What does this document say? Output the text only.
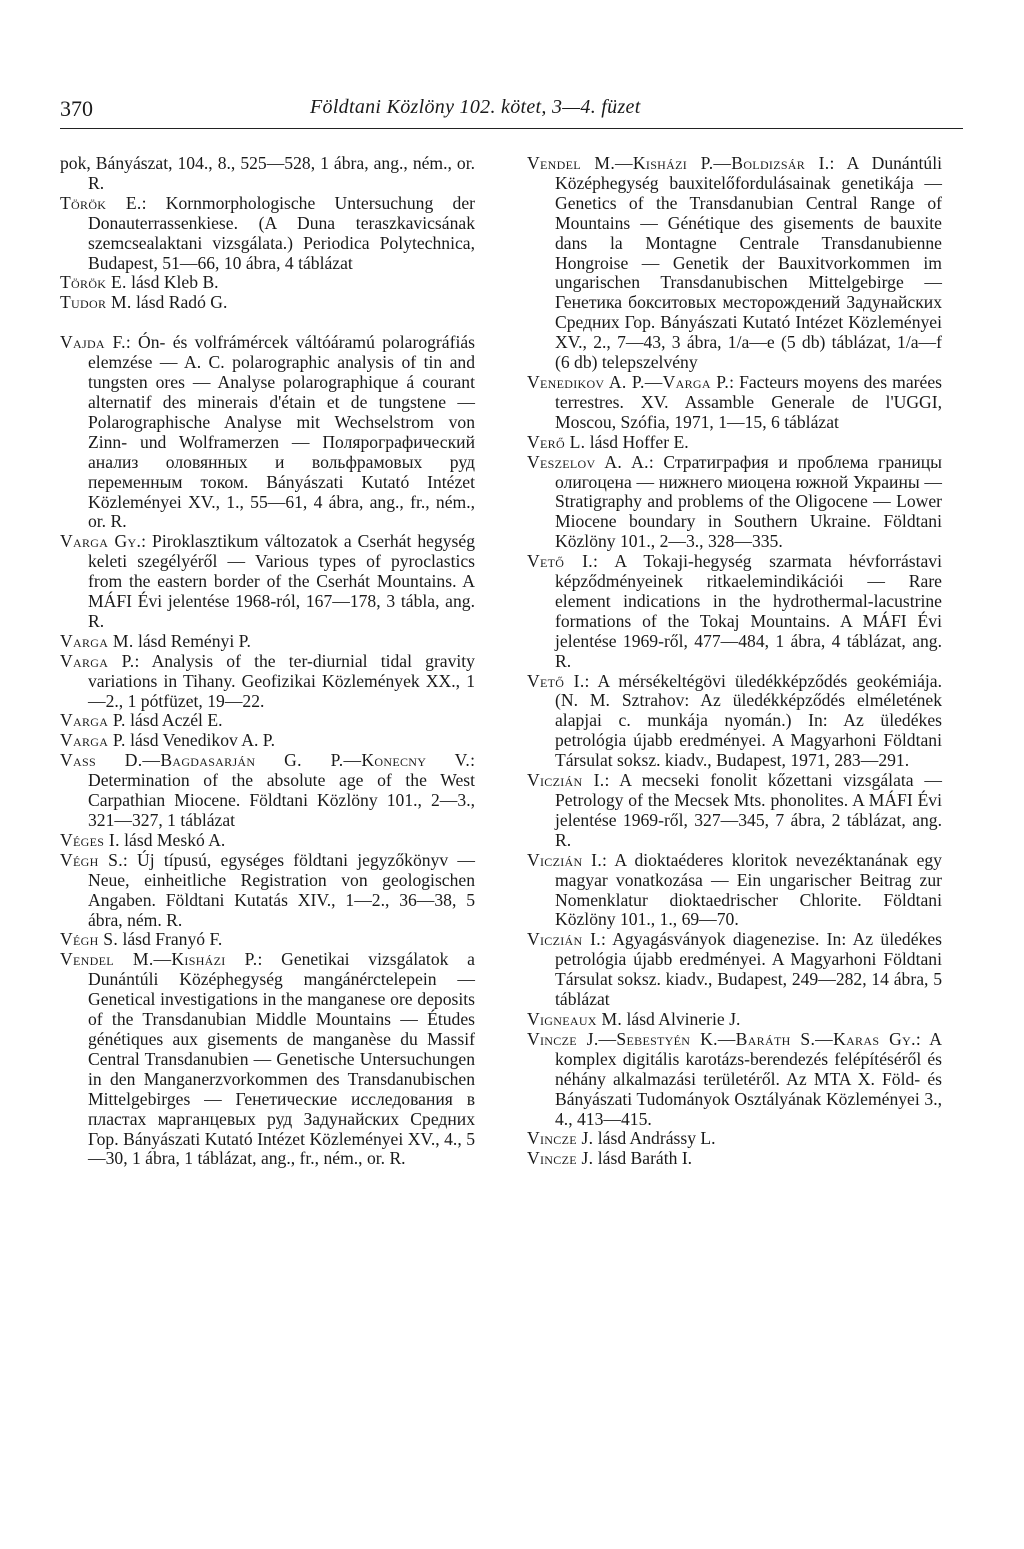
370	Földtani Közlöny 102. kötet, 3—4. füzet

pok, Bányászat, 104., 8., 525—528, 1 ábra, ang., ném., or. R.

Török E.: Kornmorphologische Untersuchung der Donauterrassenkiese. (A Duna teraszkavicsának szemcsealaktani vizsgálata.) Periodica Polytechnica, Budapest, 51—66, 10 ábra, 4 táblázat

Török E. lásd Kleb B.

Tudor M. lásd Radó G.

Vajda F.: Ón- és volfrámércek váltóáramú polarográfiás elemzése — A. C. polarographic analysis of tin and tungsten ores — Analyse polarographique á courant alternatif des minerais d'étain et de tungstene — Polarographische Analyse mit Wechselstrom von Zinn- und Wolframerzen — Полярографический анализ оловянных и вольфрамовых руд переменным током. Bányászati Kutató Intézet Közleményei XV., 1., 55—61, 4 ábra, ang., fr., ném., or. R.

Varga Gy.: Piroklasztikum változatok a Cserhát hegység keleti szegélyéről — Various types of pyroclastics from the eastern border of the Cserhát Mountains. A MÁFI Évi jelentése 1968-ról, 167—178, 3 tábla, ang. R.

Varga M. lásd Reményi P.

Varga P.: Analysis of the ter-diurnial tidal gravity variations in Tihany. Geofizikai Közlemények XX., 1—2., 1 pótfüzet, 19—22.

Varga P. lásd Aczél E.

Varga P. lásd Venedikov A. P.

Vass D.—Bagdasarján G. P.—Konecny V.: Determination of the absolute age of the West Carpathian Miocene. Földtani Közlöny 101., 2—3., 321—327, 1 táblázat

Véges I. lásd Meskó A.

Végh S.: Új típusú, egységes földtani jegyzőkönyv — Neue, einheitliche Registration von geologischen Angaben. Földtani Kutatás XIV., 1—2., 36—38, 5 ábra, ném. R.

Végh S. lásd Franyó F.

Vendel M.—Kisházi P.: Genetikai vizsgálatok a Dunántúli Középhegység mangánérctelepein — Genetical investigations in the manganese ore deposits of the Transdanubian Middle Mountains — Études génétiques aux gisements de manganèse du Massif Central Transdanubien — Genetische Untersuchungen in den Manganerzvorkommen des Transdanubischen Mittelgebirges — Генетические исследования в пластах марганцевых руд Задунайских Средних Гор. Bányászati Kutató Intézet Közleményei XV., 4., 5—30, 1 ábra, 1 táblázat, ang., fr., ném., or. R.

Vendel M.—Kisházi P.—Boldizsár I.: A Dunántúli Középhegység bauxitelőfordulásainak genetikája — Genetics of the Transdanubian Central Range of Mountains — Génétique des gisements de bauxite dans la Montagne Centrale Transdanubienne Hongroise — Genetik der Bauxitvorkommen im ungarischen Transdanubischen Mittelgebirge — Генетика бокситовых месторождений Задунайских Средних Гор. Bányászati Kutató Intézet Közleményei XV., 2., 7—43, 3 ábra, 1/a—e (5 db) táblázat, 1/a—f (6 db) telepszelvény

Venedikov A. P.—Varga P.: Facteurs moyens des marées terrestres. XV. Assamble Generale de l'UGGI, Moscou, Szófia, 1971, 1—15, 6 táblázat

Verő L. lásd Hoffer E.

Veszelov A. A.: Стратиграфия и проблема границы олигоцена — нижнего миоцена южной Украины — Stratigraphy and problems of the Oligocene — Lower Miocene boundary in Southern Ukraine. Földtani Közlöny 101., 2—3., 328—335.

Vető I.: A Tokaji-hegység szarmata hévforrástavi képződményeinek ritkaelemindikációi — Rare element indications in the hydrothermal-lacustrine formations of the Tokaj Mountains. A MÁFI Évi jelentése 1969-ről, 477—484, 1 ábra, 4 táblázat, ang. R.

Vető I.: A mérsékeltégövi üledékképződés geokémiája. (N. M. Sztrahov: Az üledékképződés elméletének alapjai c. munkája nyomán.) In: Az üledékes petrológia újabb eredményei. A Magyarhoni Földtani Társulat soksz. kiadv., Budapest, 1971, 283—291.

Viczián I.: A mecseki fonolit kőzettani vizsgálata — Petrology of the Mecsek Mts. phonolites. A MÁFI Évi jelentése 1969-ről, 327—345, 7 ábra, 2 táblázat, ang. R.

Viczián I.: A dioktaéderes kloritok nevezéktanának egy magyar vonatkozása — Ein ungarischer Beitrag zur Nomenklatur dioktaedrischer Chlorite. Földtani Közlöny 101., 1., 69—70.

Viczián I.: Agyagásványok diagenezise. In: Az üledékes petrológia újabb eredményei. A Magyarhoni Földtani Társulat soksz. kiadv., Budapest, 249—282, 14 ábra, 5 táblázat

Vigneaux M. lásd Alvinerie J.

Vincze J.—Sebestyén K.—Baráth S.—Karas Gy.: A komplex digitális karotázs-berendezés felépítéséről és néhány alkalmazási területéről. Az MTA X. Föld- és Bányászati Tudományok Osztályának Közleményei 3., 4., 413—415.

Vincze J. lásd Andrássy L.

Vincze J. lásd Baráth I.
